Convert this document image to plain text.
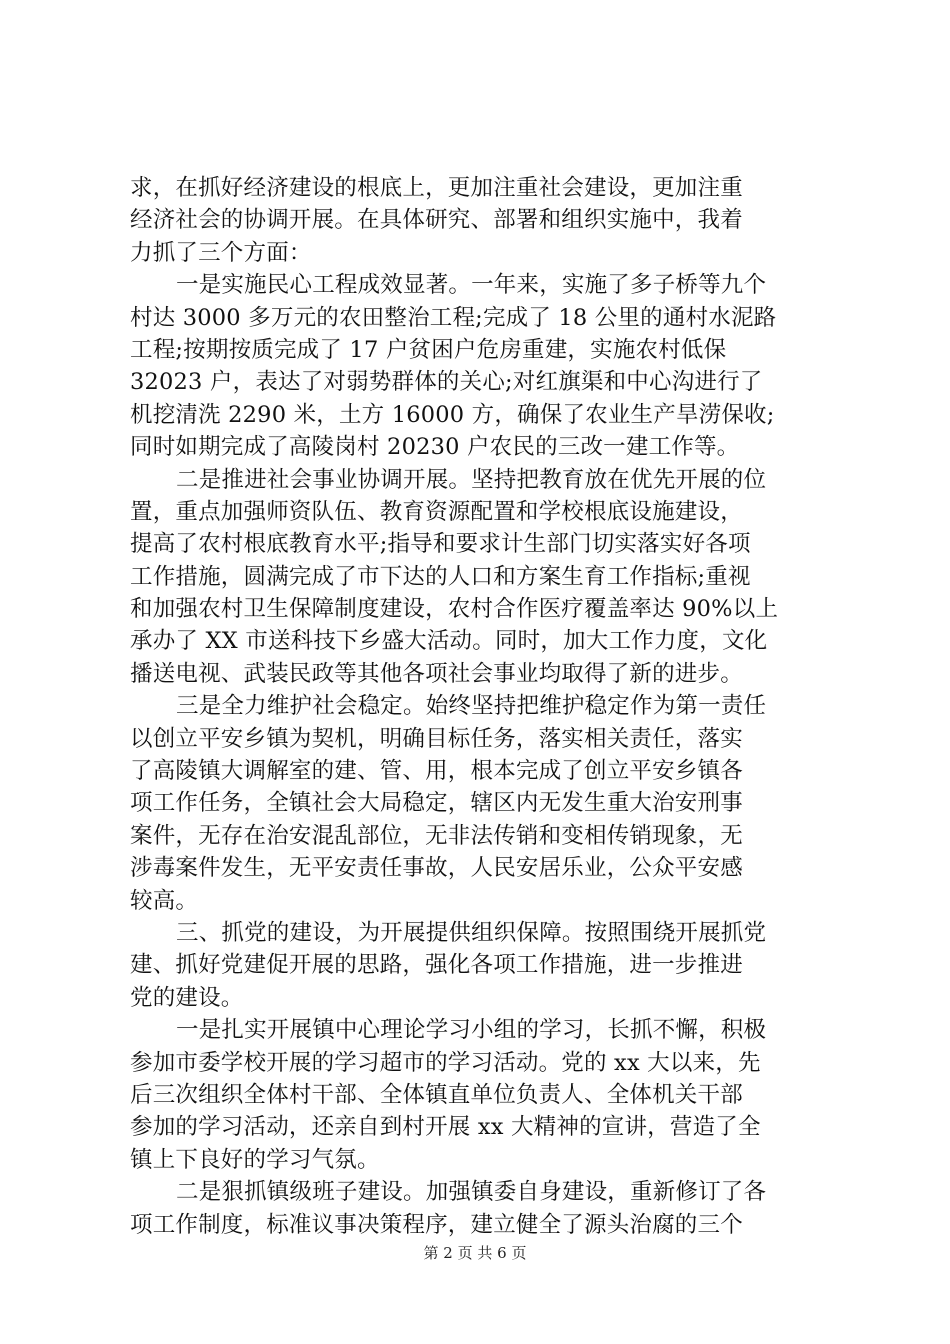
求，在抓好经济建设的根底上，更加注重社会建设，更加注重
经济社会的协调开展。在具体研究、部署和组织实施中，我着
力抓了三个方面：
一是实施民心工程成效显著。一年来，实施了多子桥等九个
村达 3000 多万元的农田整治工程;完成了 18 公里的通村水泥路
工程;按期按质完成了 17 户贫困户危房重建，实施农村低保
32023 户，表达了对弱势群体的关心;对红旗渠和中心沟进行了
机挖清洗 2290 米，土方 16000 方，确保了农业生产旱涝保收;
同时如期完成了高陵岗村 20230 户农民的三改一建工作等。
二是推进社会事业协调开展。坚持把教育放在优先开展的位
置，重点加强师资队伍、教育资源配置和学校根底设施建设，
提高了农村根底教育水平;指导和要求计生部门切实落实好各项
工作措施，圆满完成了市下达的人口和方案生育工作指标;重视
和加强农村卫生保障制度建设，农村合作医疗覆盖率达 90%以上
承办了 XX 市送科技下乡盛大活动。同时，加大工作力度，文化
播送电视、武装民政等其他各项社会事业均取得了新的进步。
三是全力维护社会稳定。始终坚持把维护稳定作为第一责任
以创立平安乡镇为契机，明确目标任务，落实相关责任，落实
了高陵镇大调解室的建、管、用，根本完成了创立平安乡镇各
项工作任务，全镇社会大局稳定，辖区内无发生重大治安刑事
案件，无存在治安混乱部位，无非法传销和变相传销现象，无
涉毒案件发生，无平安责任事故，人民安居乐业，公众平安感
较高。
三、抓党的建设，为开展提供组织保障。按照围绕开展抓党
建、抓好党建促开展的思路，强化各项工作措施，进一步推进
党的建设。
一是扎实开展镇中心理论学习小组的学习，长抓不懈，积极
参加市委学校开展的学习超市的学习活动。党的 xx 大以来，先
后三次组织全体村干部、全体镇直单位负责人、全体机关干部
参加的学习活动，还亲自到村开展 xx 大精神的宣讲，营造了全
镇上下良好的学习气氛。
二是狠抓镇级班子建设。加强镇委自身建设，重新修订了各
项工作制度，标准议事决策程序，建立健全了源头治腐的三个
第 2 页 共 6 页
